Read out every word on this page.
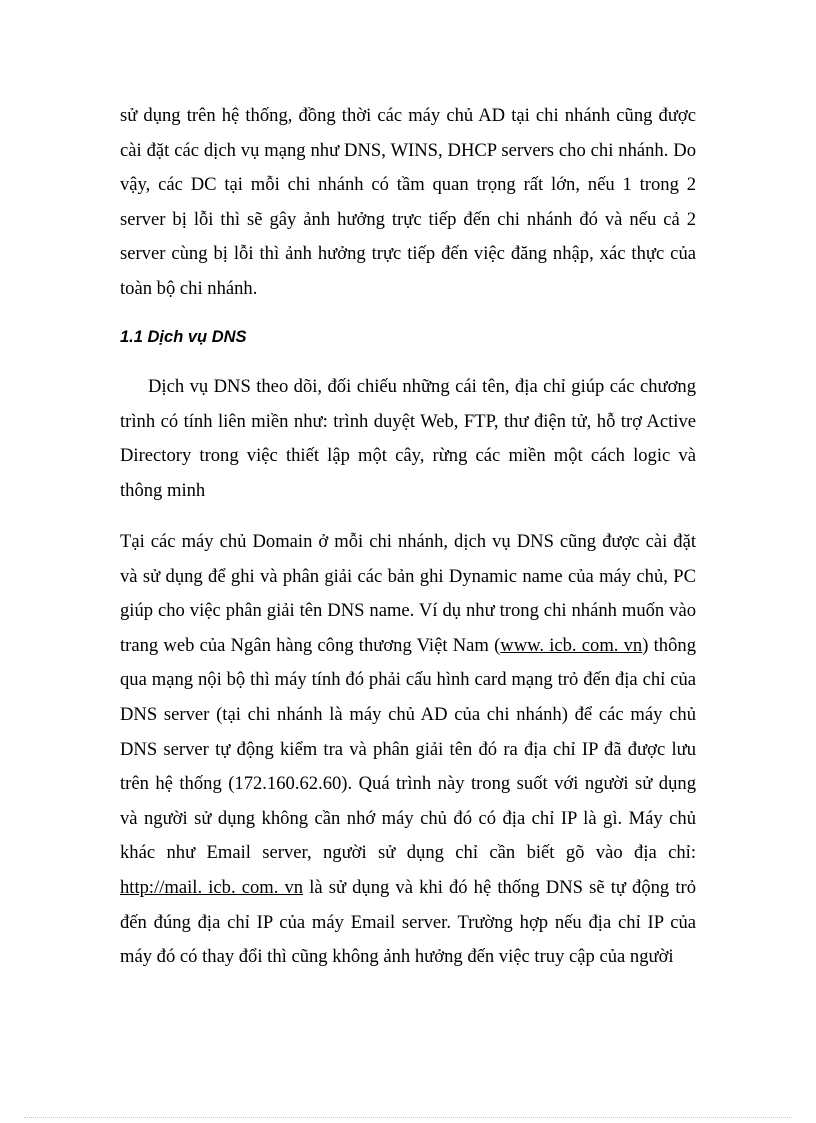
sử dụng trên hệ thống, đồng thời các máy chủ AD tại chi nhánh cũng được
cài đặt các dịch vụ mạng như DNS, WINS, DHCP servers cho chi nhánh. Do
vậy, các DC tại mỗi chi nhánh có tầm quan trọng rất lớn, nếu 1 trong 2
server bị lỗi thì sẽ gây ảnh hưởng trực tiếp đến chi nhánh đó và nếu cả 2
server cùng bị lỗi thì ảnh hưởng trực tiếp đến việc đăng nhập, xác thực của
toàn bộ chi nhánh.

1.1 Dịch vụ DNS

Dịch vụ DNS theo dõi, đối chiếu những cái tên, địa chỉ giúp các chương
trình có tính liên miền như: trình duyệt Web, FTP, thư điện tử, hỗ trợ Active
Directory trong việc thiết lập một cây, rừng các miền một cách logic và
thông minh

Tại các máy chủ Domain ở mỗi chi nhánh, dịch vụ DNS cũng được cài đặt
và sử dụng để ghi và phân giải các bản ghi Dynamic name của máy chủ, PC
giúp cho việc phân giải tên DNS name. Ví dụ như trong chi nhánh muốn vào
trang web của Ngân hàng công thương Việt Nam (www. icb. com. vn) thông
qua mạng nội bộ thì máy tính đó phải cấu hình card mạng trỏ đến địa chỉ của
DNS server (tại chi nhánh là máy chủ AD của chi nhánh) để các máy chủ
DNS server tự động kiểm tra và phân giải tên đó ra địa chỉ IP đã được lưu
trên hệ thống (172.160.62.60). Quá trình này trong suốt với người sử dụng
và người sử dụng không cần nhớ máy chủ đó có địa chỉ IP là gì. Máy chủ
khác như Email server, người sử dụng chỉ cần biết gõ vào địa chỉ:
http://mail. icb. com. vn là sử dụng và khi đó hệ thống DNS sẽ tự động trỏ
đến đúng địa chỉ IP của máy Email server. Trường hợp nếu địa chỉ IP của
máy đó có thay đổi thì cũng không ảnh hưởng đến việc truy cập của người
